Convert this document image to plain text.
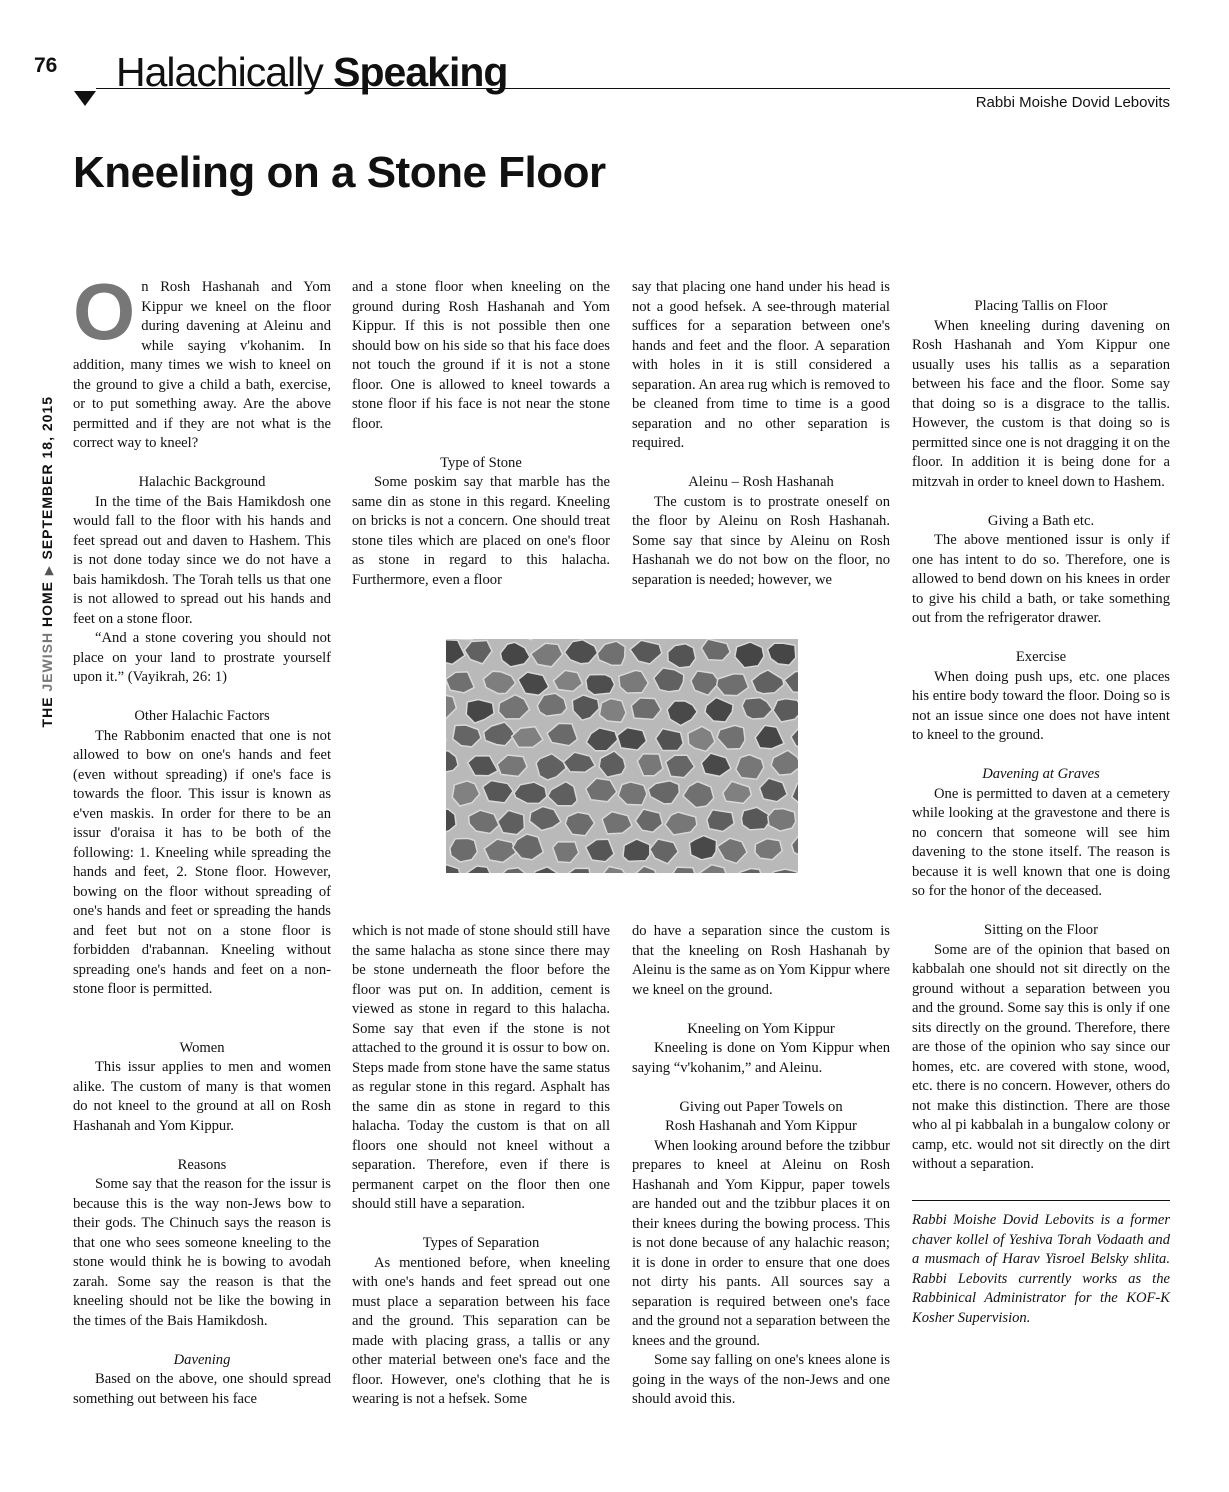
76
THE JEWISH HOME▶SEPTEMBER 18, 2015
Halachically Speaking
Rabbi Moishe Dovid Lebovits
Kneeling on a Stone Floor

On Rosh Hashanah and Yom Kippur we kneel on the floor during davening at Aleinu and while saying v'kohanim. In addition, many times we wish to kneel on the ground to give a child a bath, exercise, or to put something away. Are the above permitted and if they are not what is the correct way to kneel?

Halachic Background

In the time of the Bais Hamikdosh one would fall to the floor with his hands and feet spread out and daven to Hashem. This is not done today since we do not have a bais hamikdosh. The Torah tells us that one is not allowed to spread out his hands and feet on a stone floor.

“And a stone covering you should not place on your land to prostrate yourself upon it.” (Vayikrah, 26: 1)

Other Halachic Factors

The Rabbonim enacted that one is not allowed to bow on one's hands and feet (even without spreading) if one's face is towards the floor. This issur is known as e'ven maskis. In order for there to be an issur d'oraisa it has to be both of the following: 1. Kneeling while spreading the hands and feet, 2. Stone floor. However, bowing on the floor without spreading of one's hands and feet or spreading the hands and feet but not on a stone floor is forbidden d'rabannan. Kneeling without spreading one's hands and feet on a non-stone floor is permitted.

Women

This issur applies to men and women alike. The custom of many is that women do not kneel to the ground at all on Rosh Hashanah and Yom Kippur.

Reasons

Some say that the reason for the issur is because this is the way non-Jews bow to their gods. The Chinuch says the reason is that one who sees someone kneeling to the stone would think he is bowing to avodah zarah. Some say the reason is that the kneeling should not be like the bowing in the times of the Bais Hamikdosh.

Davening

Based on the above, one should spread something out between his face

and a stone floor when kneeling on the ground during Rosh Hashanah and Yom Kippur. If this is not possible then one should bow on his side so that his face does not touch the ground if it is not a stone floor. One is allowed to kneel towards a stone floor if his face is not near the stone floor.

Type of Stone

Some poskim say that marble has the same din as stone in this regard. Kneeling on bricks is not a concern. One should treat stone tiles which are placed on one's floor as stone in regard to this halacha. Furthermore, even a floor

say that placing one hand under his head is not a good hefsek. A see-through material suffices for a separation between one's hands and feet and the floor. A separation with holes in it is still considered a separation. An area rug which is removed to be cleaned from time to time is a good separation and no other separation is required.

Aleinu – Rosh Hashanah

The custom is to prostrate oneself on the floor by Aleinu on Rosh Hashanah. Some say that since by Aleinu on Rosh Hashanah we do not bow on the floor, no separation is needed; however, we

which is not made of stone should still have the same halacha as stone since there may be stone underneath the floor before the floor was put on. In addition, cement is viewed as stone in regard to this halacha. Some say that even if the stone is not attached to the ground it is ossur to bow on. Steps made from stone have the same status as regular stone in this regard. Asphalt has the same din as stone in regard to this halacha. Today the custom is that on all floors one should not kneel without a separation. Therefore, even if there is permanent carpet on the floor then one should still have a separation.

Types of Separation

As mentioned before, when kneeling with one's hands and feet spread out one must place a separation between his face and the ground. This separation can be made with placing grass, a tallis or any other material between one's face and the floor. However, one's clothing that he is wearing is not a hefsek. Some

do have a separation since the custom is that the kneeling on Rosh Hashanah by Aleinu is the same as on Yom Kippur where we kneel on the ground.

Kneeling on Yom Kippur

Kneeling is done on Yom Kippur when saying “v'kohanim,” and Aleinu.

Giving out Paper Towels on
Rosh Hashanah and Yom Kippur

When looking around before the tzibbur prepares to kneel at Aleinu on Rosh Hashanah and Yom Kippur, paper towels are handed out and the tzibbur places it on their knees during the bowing process. This is not done because of any halachic reason; it is done in order to ensure that one does not dirty his pants. All sources say a separation is required between one's face and the ground not a separation between the knees and the ground.

Some say falling on one's knees alone is going in the ways of the non-Jews and one should avoid this.

Placing Tallis on Floor

When kneeling during davening on Rosh Hashanah and Yom Kippur one usually uses his tallis as a separation between his face and the floor. Some say that doing so is a disgrace to the tallis. However, the custom is that doing so is permitted since one is not dragging it on the floor. In addition it is being done for a mitzvah in order to kneel down to Hashem.

Giving a Bath etc.

The above mentioned issur is only if one has intent to do so. Therefore, one is allowed to bend down on his knees in order to give his child a bath, or take something out from the refrigerator drawer.

Exercise

When doing push ups, etc. one places his entire body toward the floor. Doing so is not an issue since one does not have intent to kneel to the ground.

Davening at Graves

One is permitted to daven at a cemetery while looking at the gravestone and there is no concern that someone will see him davening to the stone itself. The reason is because it is well known that one is doing so for the honor of the deceased.

Sitting on the Floor

Some are of the opinion that based on kabbalah one should not sit directly on the ground without a separation between you and the ground. Some say this is only if one sits directly on the ground. Therefore, there are those of the opinion who say since our homes, etc. are covered with stone, wood, etc. there is no concern. However, others do not make this distinction. There are those who al pi kabbalah in a bungalow colony or camp, etc. would not sit directly on the dirt without a separation.

Rabbi Moishe Dovid Lebovits is a former chaver kollel of Yeshiva Torah Vodaath and a musmach of Harav Yisroel Belsky shlita. Rabbi Lebovits currently works as the Rabbinical Administrator for the KOF-K Kosher Supervision.
